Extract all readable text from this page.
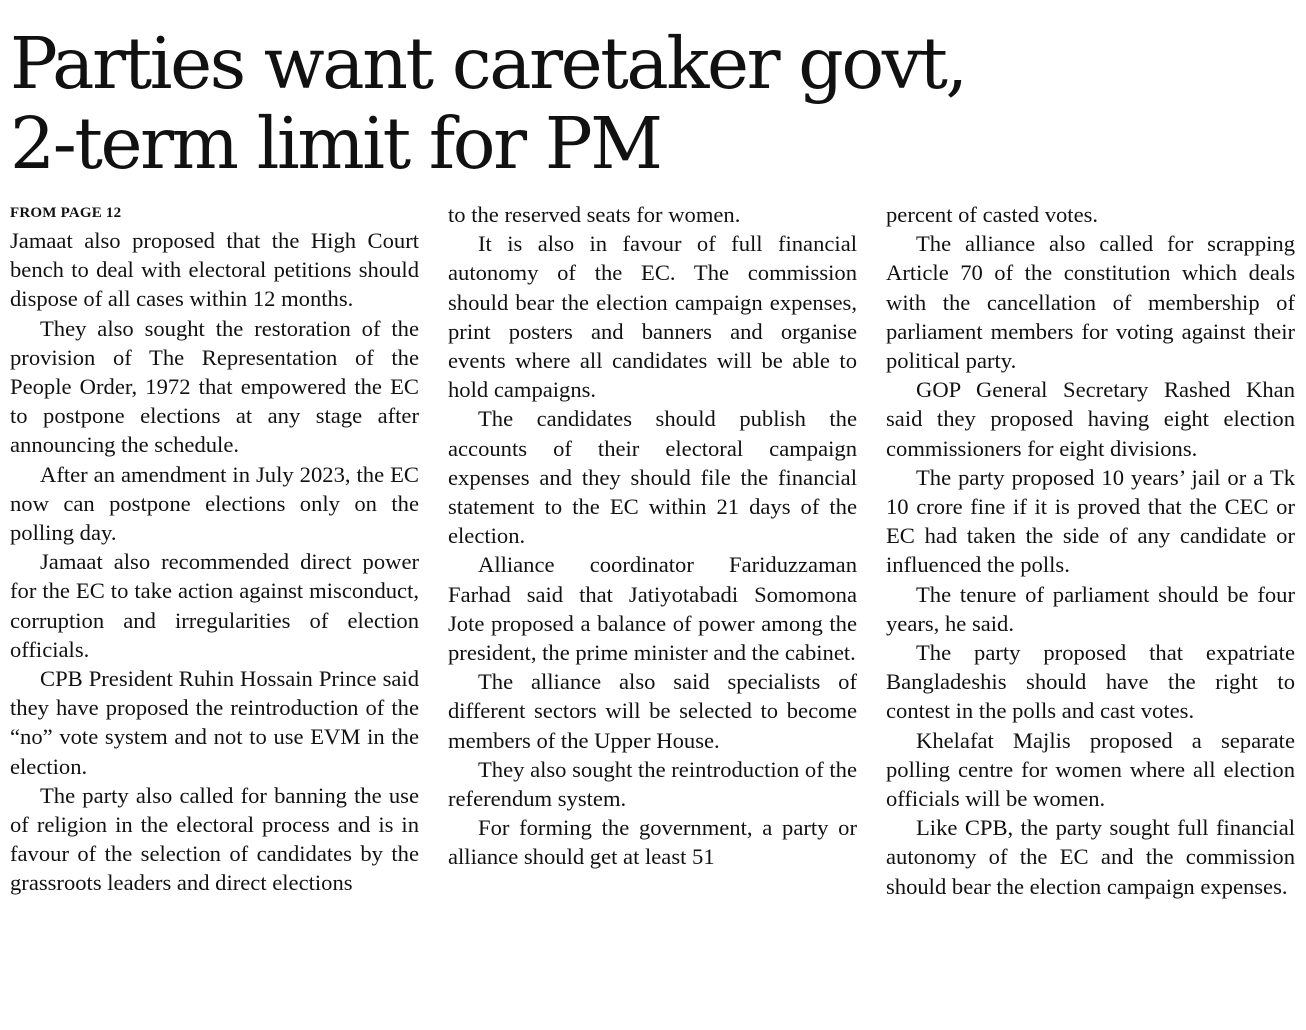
Parties want caretaker govt,
2-term limit for PM
FROM PAGE 12

Jamaat also proposed that the High Court bench to deal with electoral petitions should dispose of all cases within 12 months.

They also sought the restoration of the provision of The Representation of the People Order, 1972 that empowered the EC to postpone elections at any stage after announcing the schedule.

After an amendment in July 2023, the EC now can postpone elections only on the polling day.

Jamaat also recommended direct power for the EC to take action against misconduct, corruption and irregularities of election officials.

CPB President Ruhin Hossain Prince said they have proposed the reintroduction of the “no” vote system and not to use EVM in the election.

The party also called for banning the use of religion in the electoral process and is in favour of the selection of candidates by the grassroots leaders and direct elections

to the reserved seats for women.

It is also in favour of full financial autonomy of the EC. The commission should bear the election campaign expenses, print posters and banners and organise events where all candidates will be able to hold campaigns.

The candidates should publish the accounts of their electoral campaign expenses and they should file the financial statement to the EC within 21 days of the election.

Alliance coordinator Fariduzzaman Farhad said that Jatiyotabadi Somomona Jote proposed a balance of power among the president, the prime minister and the cabinet.

The alliance also said specialists of different sectors will be selected to become members of the Upper House.

They also sought the reintroduction of the referendum system.

For forming the government, a party or alliance should get at least 51

percent of casted votes.

The alliance also called for scrapping Article 70 of the constitution which deals with the cancellation of membership of parliament members for voting against their political party.

GOP General Secretary Rashed Khan said they proposed having eight election commissioners for eight divisions.

The party proposed 10 years’ jail or a Tk 10 crore fine if it is proved that the CEC or EC had taken the side of any candidate or influenced the polls.

The tenure of parliament should be four years, he said.

The party proposed that expatriate Bangladeshis should have the right to contest in the polls and cast votes.

Khelafat Majlis proposed a separate polling centre for women where all election officials will be women.

Like CPB, the party sought full financial autonomy of the EC and the commission should bear the election campaign expenses.
